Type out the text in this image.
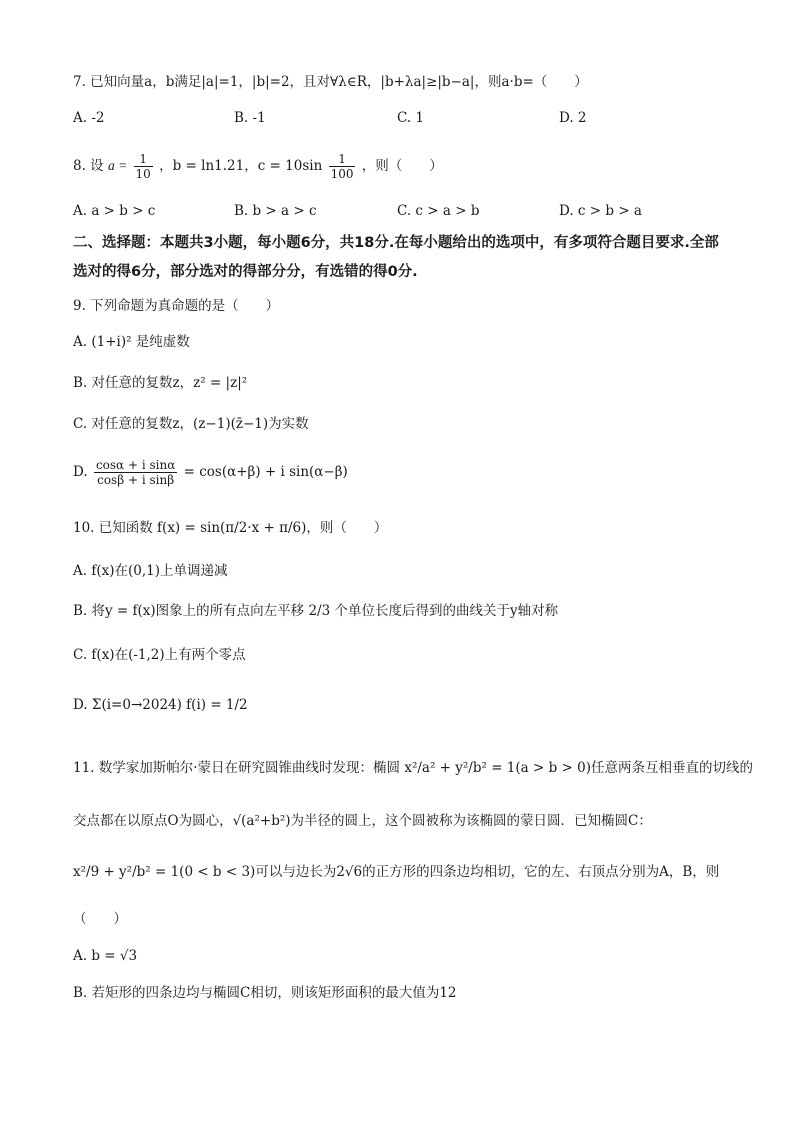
7. 已知向量a，b满足|a|=1，|b|=2，且对∀λ∈R，|b+λa|≥|b−a|，则a·b=（　　）
A. -2	B. -1	C. 1	D. 2
8. 设 $a = \frac{1}{10}$ ，b = ln1.21，$c = 10\sin \frac{1}{100}$ ，则（　　）
A. a > b > c	B. b > a > c	C. c > a > b	D. c > b > a
二、选择题：本题共3小题，每小题6分，共18分.在每小题给出的选项中，有多项符合题目要求.全部选对的得6分，部分选对的得部分分，有选错的得0分.
9. 下列命题为真命题的是（　　）
A. (1+i)² 是纯虚数
B. 对任意的复数z，z² = |z|²
C. 对任意的复数z，(z−1)(z̄−1)为实数
D. $\frac{\text{cosα + i sinα}}{\text{cosβ + i sinβ}} = \cos(\alpha+\beta) + i$ sin(α−β)
10. 已知函数 f(x) = sin(π/2·x + π/6)，则（　　）
A. f(x)在(0,1)上单调递减
B. 将y = f(x)图象上的所有点向左平移 2/3 个单位长度后得到的曲线关于y轴对称
C. f(x)在(-1,2)上有两个零点
D. Σ(i=0→2024) f(i) = 1/2
11. 数学家加斯帕尔·蒙日在研究圆锥曲线时发现：椭圆 x²/a² + y²/b² = 1(a > b > 0)任意两条互相垂直的切线的
交点都在以原点O为圆心，√(a²+b²)为半径的圆上，这个圆被称为该椭圆的蒙日圆．已知椭圆C：
x²/9 + y²/b² = 1(0 < b < 3)可以与边长为2√6的正方形的四条边均相切，它的左、右顶点分别为A，B，则
（　　）
A. b = √3
B. 若矩形的四条边均与椭圆C相切，则该矩形面积的最大值为12
